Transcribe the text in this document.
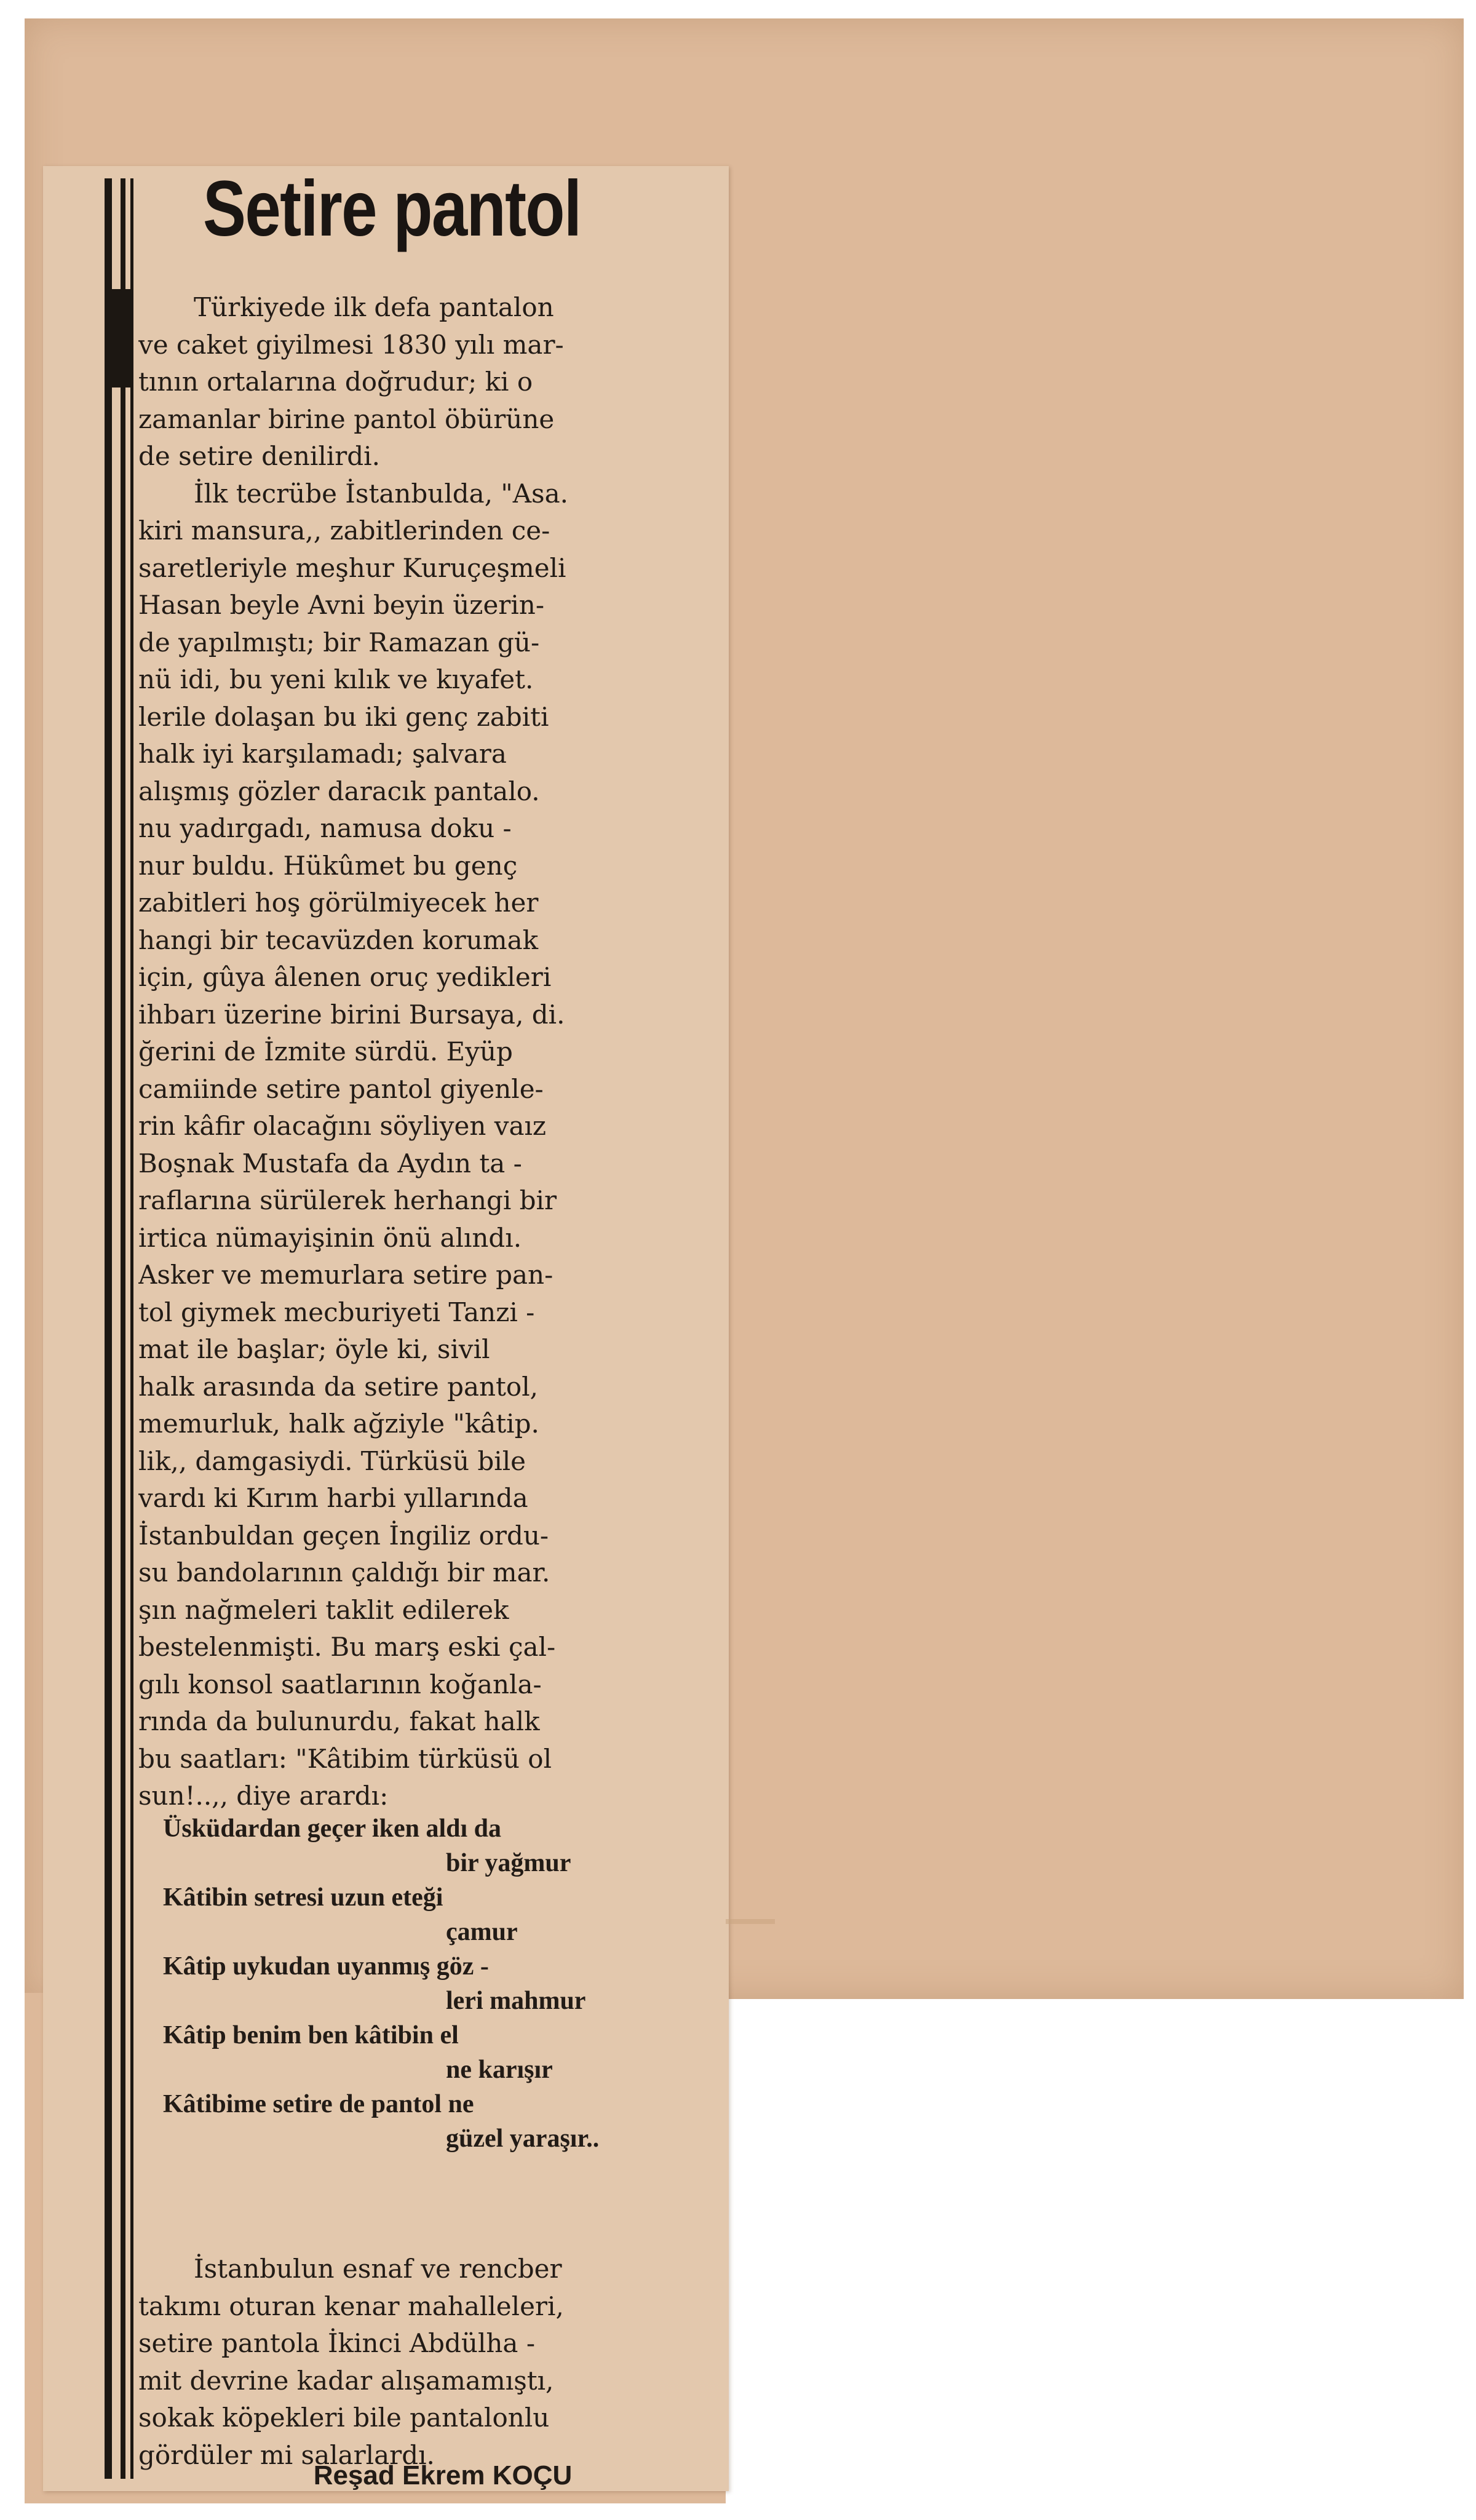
Setire pantol
Türkiyede ilk defa pantalon
ve caket giyilmesi 1830 yılı mar-
tının ortalarına doğrudur; ki o
zamanlar birine pantol öbürüne
de setire denilirdi.
İlk tecrübe İstanbulda, "Asa.
kiri mansura,, zabitlerinden ce-
saretleriyle meşhur Kuruçeşmeli
Hasan beyle Avni beyin üzerin-
de yapılmıştı; bir Ramazan gü-
nü idi, bu yeni kılık ve kıyafet.
lerile dolaşan bu iki genç zabiti
halk iyi karşılamadı; şalvara
alışmış gözler daracık pantalo.
nu yadırgadı, namusa doku -
nur buldu. Hükûmet bu genç
zabitleri hoş görülmiyecek her
hangi bir tecavüzden korumak
için, gûya âlenen oruç yedikleri
ihbarı üzerine birini Bursaya, di.
ğerini de İzmite sürdü. Eyüp
camiinde setire pantol giyenle-
rin kâfir olacağını söyliyen vaız
Boşnak Mustafa da Aydın ta -
raflarına sürülerek herhangi bir
irtica nümayişinin önü alındı.
Asker ve memurlara setire pan-
tol giymek mecburiyeti Tanzi -
mat ile başlar; öyle ki, sivil
halk arasında da setire pantol,
memurluk, halk ağziyle "kâtip.
lik,, damgasiydi. Türküsü bile
vardı ki Kırım harbi yıllarında
İstanbuldan geçen İngiliz ordu-
su bandolarının çaldığı bir mar.
şın nağmeleri taklit edilerek
bestelenmişti. Bu marş eski çal-
gılı konsol saatlarının koğanla-
rında da bulunurdu, fakat halk
bu saatları: "Kâtibim türküsü ol
sun!..,, diye arardı:
Üsküdardan geçer iken aldı da
bir yağmur
Kâtibin setresi uzun eteği
çamur
Kâtip uykudan uyanmış göz -
leri mahmur
Kâtip benim ben kâtibin el
ne karışır
Kâtibime setire de pantol ne
güzel yaraşır..
İstanbulun esnaf ve rencber
takımı oturan kenar mahalleleri,
setire pantola İkinci Abdülha -
mit devrine kadar alışamamıştı,
sokak köpekleri bile pantalonlu
gördüler mi salarlardı.
Reşad Ekrem KOÇU
